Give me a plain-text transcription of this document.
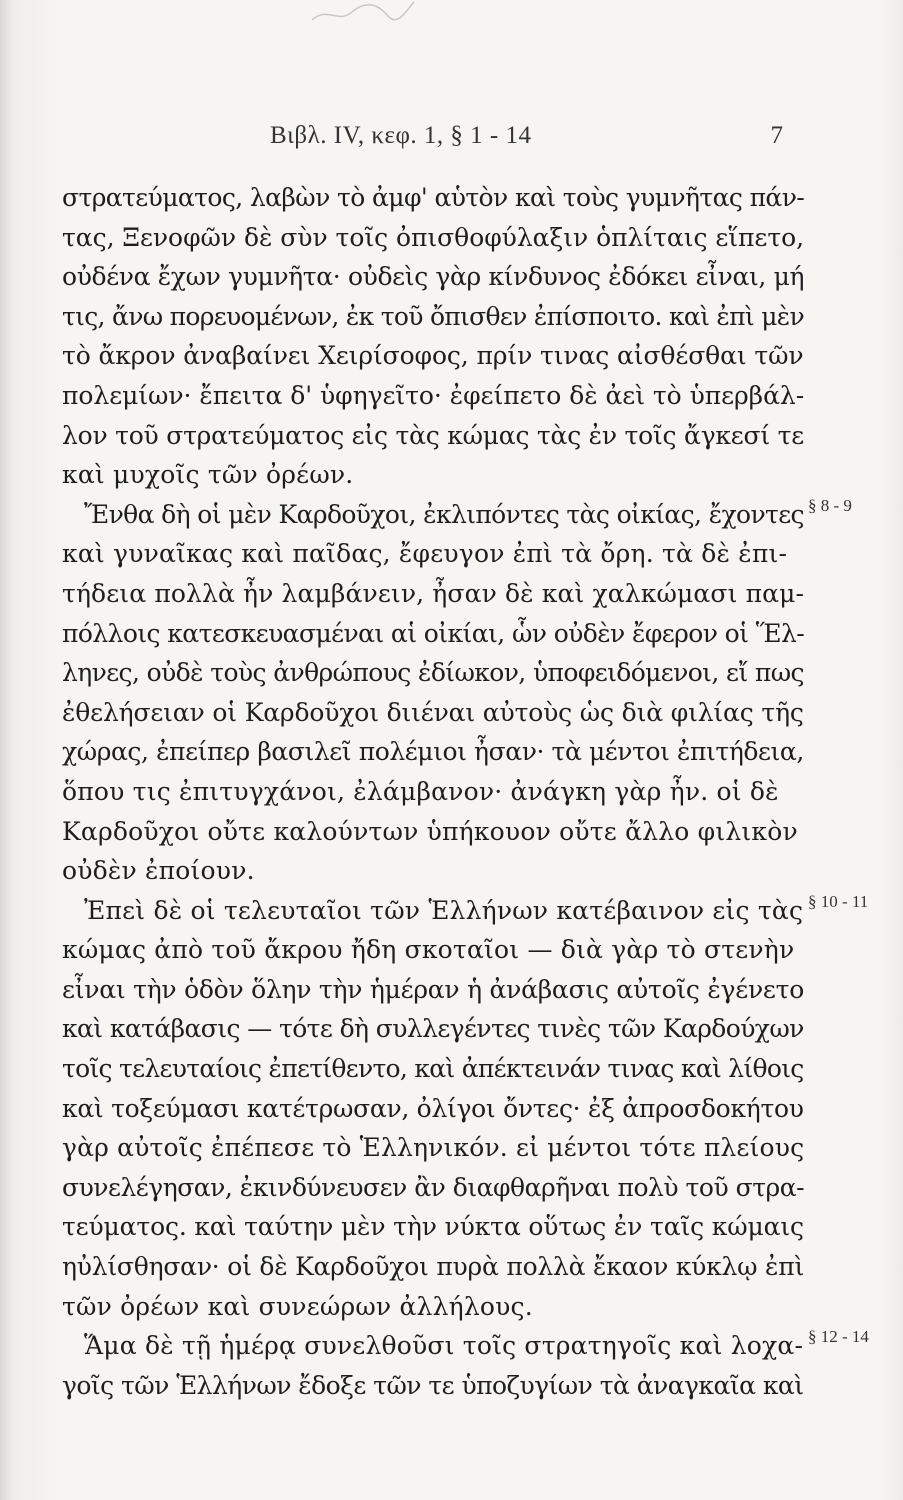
Βιβλ. IV, κεφ. 1, § 1 - 14	7
στρατεύματος, λαβὼν τὸ ἀμφ' αὑτὸν καὶ τοὺς γυμνῆτας πάν-
τας, Ξενοφῶν δὲ σὺν τοῖς ὀπισθοφύλαξιν ὁπλίταις εἵπετο,
οὐδένα ἔχων γυμνῆτα· οὐδεὶς γὰρ κίνδυνος ἐδόκει εἶναι, μή
τις, ἄνω πορευομένων, ἐκ τοῦ ὄπισθεν ἐπίσποιτο. καὶ ἐπὶ μὲν
τὸ ἄκρον ἀναβαίνει Χειρίσοφος, πρίν τινας αἰσθέσθαι τῶν
πολεμίων· ἔπειτα δ' ὑφηγεῖτο· ἐφείπετο δὲ ἀεὶ τὸ ὑπερβάλ-
λον τοῦ στρατεύματος εἰς τὰς κώμας τὰς ἐν τοῖς ἄγκεσί τε
καὶ μυχοῖς τῶν ὀρέων.
Ἔνθα δὴ οἱ μὲν Καρδοῦχοι, ἐκλιπόντες τὰς οἰκίας, ἔχοντες
καὶ γυναῖκας καὶ παῖδας, ἔφευγον ἐπὶ τὰ ὄρη. τὰ δὲ ἐπι-
τήδεια πολλὰ ἦν λαμβάνειν, ἦσαν δὲ καὶ χαλκώμασι παμ-
πόλλοις κατεσκευασμέναι αἱ οἰκίαι, ὧν οὐδὲν ἔφερον οἱ Ἕλ-
ληνες, οὐδὲ τοὺς ἀνθρώπους ἐδίωκον, ὑποφειδόμενοι, εἴ πως
ἐθελήσειαν οἱ Καρδοῦχοι διιέναι αὐτοὺς ὡς διὰ φιλίας τῆς
χώρας, ἐπείπερ βασιλεῖ πολέμιοι ἦσαν· τὰ μέντοι ἐπιτήδεια,
ὅπου τις ἐπιτυγχάνοι, ἐλάμβανον· ἀνάγκη γὰρ ἦν. οἱ δὲ
Καρδοῦχοι οὔτε καλούντων ὑπήκουον οὔτε ἄλλο φιλικὸν
οὐδὲν ἐποίουν.
Ἐπεὶ δὲ οἱ τελευταῖοι τῶν Ἑλλήνων κατέβαινον εἰς τὰς
κώμας ἀπὸ τοῦ ἄκρου ἤδη σκοταῖοι — διὰ γὰρ τὸ στενὴν
εἶναι τὴν ὁδὸν ὅλην τὴν ἡμέραν ἡ ἀνάβασις αὐτοῖς ἐγένετο
καὶ κατάβασις — τότε δὴ συλλεγέντες τινὲς τῶν Καρδούχων
τοῖς τελευταίοις ἐπετίθεντο, καὶ ἀπέκτεινάν τινας καὶ λίθοις
καὶ τοξεύμασι κατέτρωσαν, ὀλίγοι ὄντες· ἐξ ἀπροσδοκήτου
γὰρ αὐτοῖς ἐπέπεσε τὸ Ἑλληνικόν. εἰ μέντοι τότε πλείους
συνελέγησαν, ἐκινδύνευσεν ἂν διαφθαρῆναι πολὺ τοῦ στρα-
τεύματος. καὶ ταύτην μὲν τὴν νύκτα οὕτως ἐν ταῖς κώμαις
ηὐλίσθησαν· οἱ δὲ Καρδοῦχοι πυρὰ πολλὰ ἔκαον κύκλῳ ἐπὶ
τῶν ὀρέων καὶ συνεώρων ἀλλήλους.
Ἅμα δὲ τῇ ἡμέρᾳ συνελθοῦσι τοῖς στρατηγοῖς καὶ λοχα-
γοῖς τῶν Ἑλλήνων ἔδοξε τῶν τε ὑποζυγίων τὰ ἀναγκαῖα καὶ
§ 8 - 9
§ 10 - 11
§ 12 - 14
